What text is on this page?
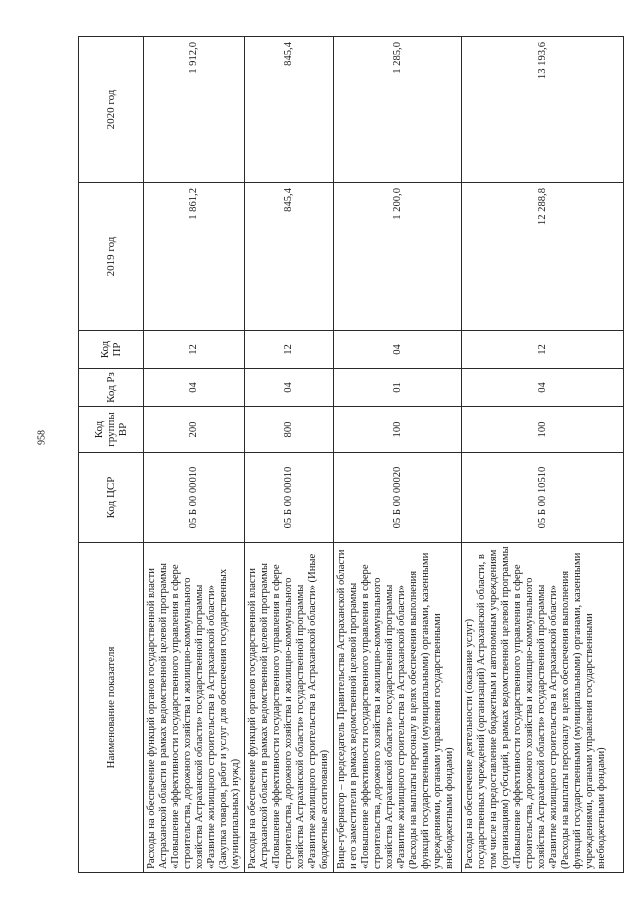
958
Наименование показателя	Код ЦСР	Код группы ВР	Код Рз	Код ПР	2019 год	2020 год
Расходы на обеспечение функций органов государственной власти Астраханской области в рамках ведомственной целевой программы «Повышение эффективности государственного управления в сфере строительства, дорожного хозяйства и жилищно-коммунального хозяйства Астраханской области» государственной программы «Развитие жилищного строительства в Астраханской области» (Закупка товаров, работ и услуг для обеспечения государственных (муниципальных) нужд)	05 Б 00 00010	200	04	12	1 861,2	1 912,0
Расходы на обеспечение функций органов государственной власти Астраханской области в рамках ведомственной целевой программы «Повышение эффективности государственного управления в сфере строительства, дорожного хозяйства и жилищно-коммунального хозяйства Астраханской области» государственной программы «Развитие жилищного строительства в Астраханской области» (Иные бюджетные ассигнования)	05 Б 00 00010	800	04	12	845,4	845,4
Вице-губернатор – председатель Правительства Астраханской области и его заместители в рамках ведомственной целевой программы «Повышение эффективности государственного управления в сфере строительства, дорожного хозяйства и жилищно-коммунального хозяйства Астраханской области» государственной программы «Развитие жилищного строительства в Астраханской области» (Расходы на выплаты персоналу в целях обеспечения выполнения функций государственными (муниципальными) органами, казенными учреждениями, органами управления государственными внебюджетными фондами)	05 Б 00 00020	100	01	04	1 200,0	1 285,0
Расходы на обеспечение деятельности (оказание услуг) государственных учреждений (организаций) Астраханской области, в том числе на предоставление бюджетным и автономным учреждениям (организациям) субсидий, в рамках ведомственной целевой программы «Повышение эффективности государственного управления в сфере строительства, дорожного хозяйства и жилищно-коммунального хозяйства Астраханской области» государственной программы «Развитие жилищного строительства в Астраханской области» (Расходы на выплаты персоналу в целях обеспечения выполнения функций государственными (муниципальными) органами, казенными учреждениями, органами управления государственными внебюджетными фондами)	05 Б 00 10510	100	04	12	12 288,8	13 193,6
